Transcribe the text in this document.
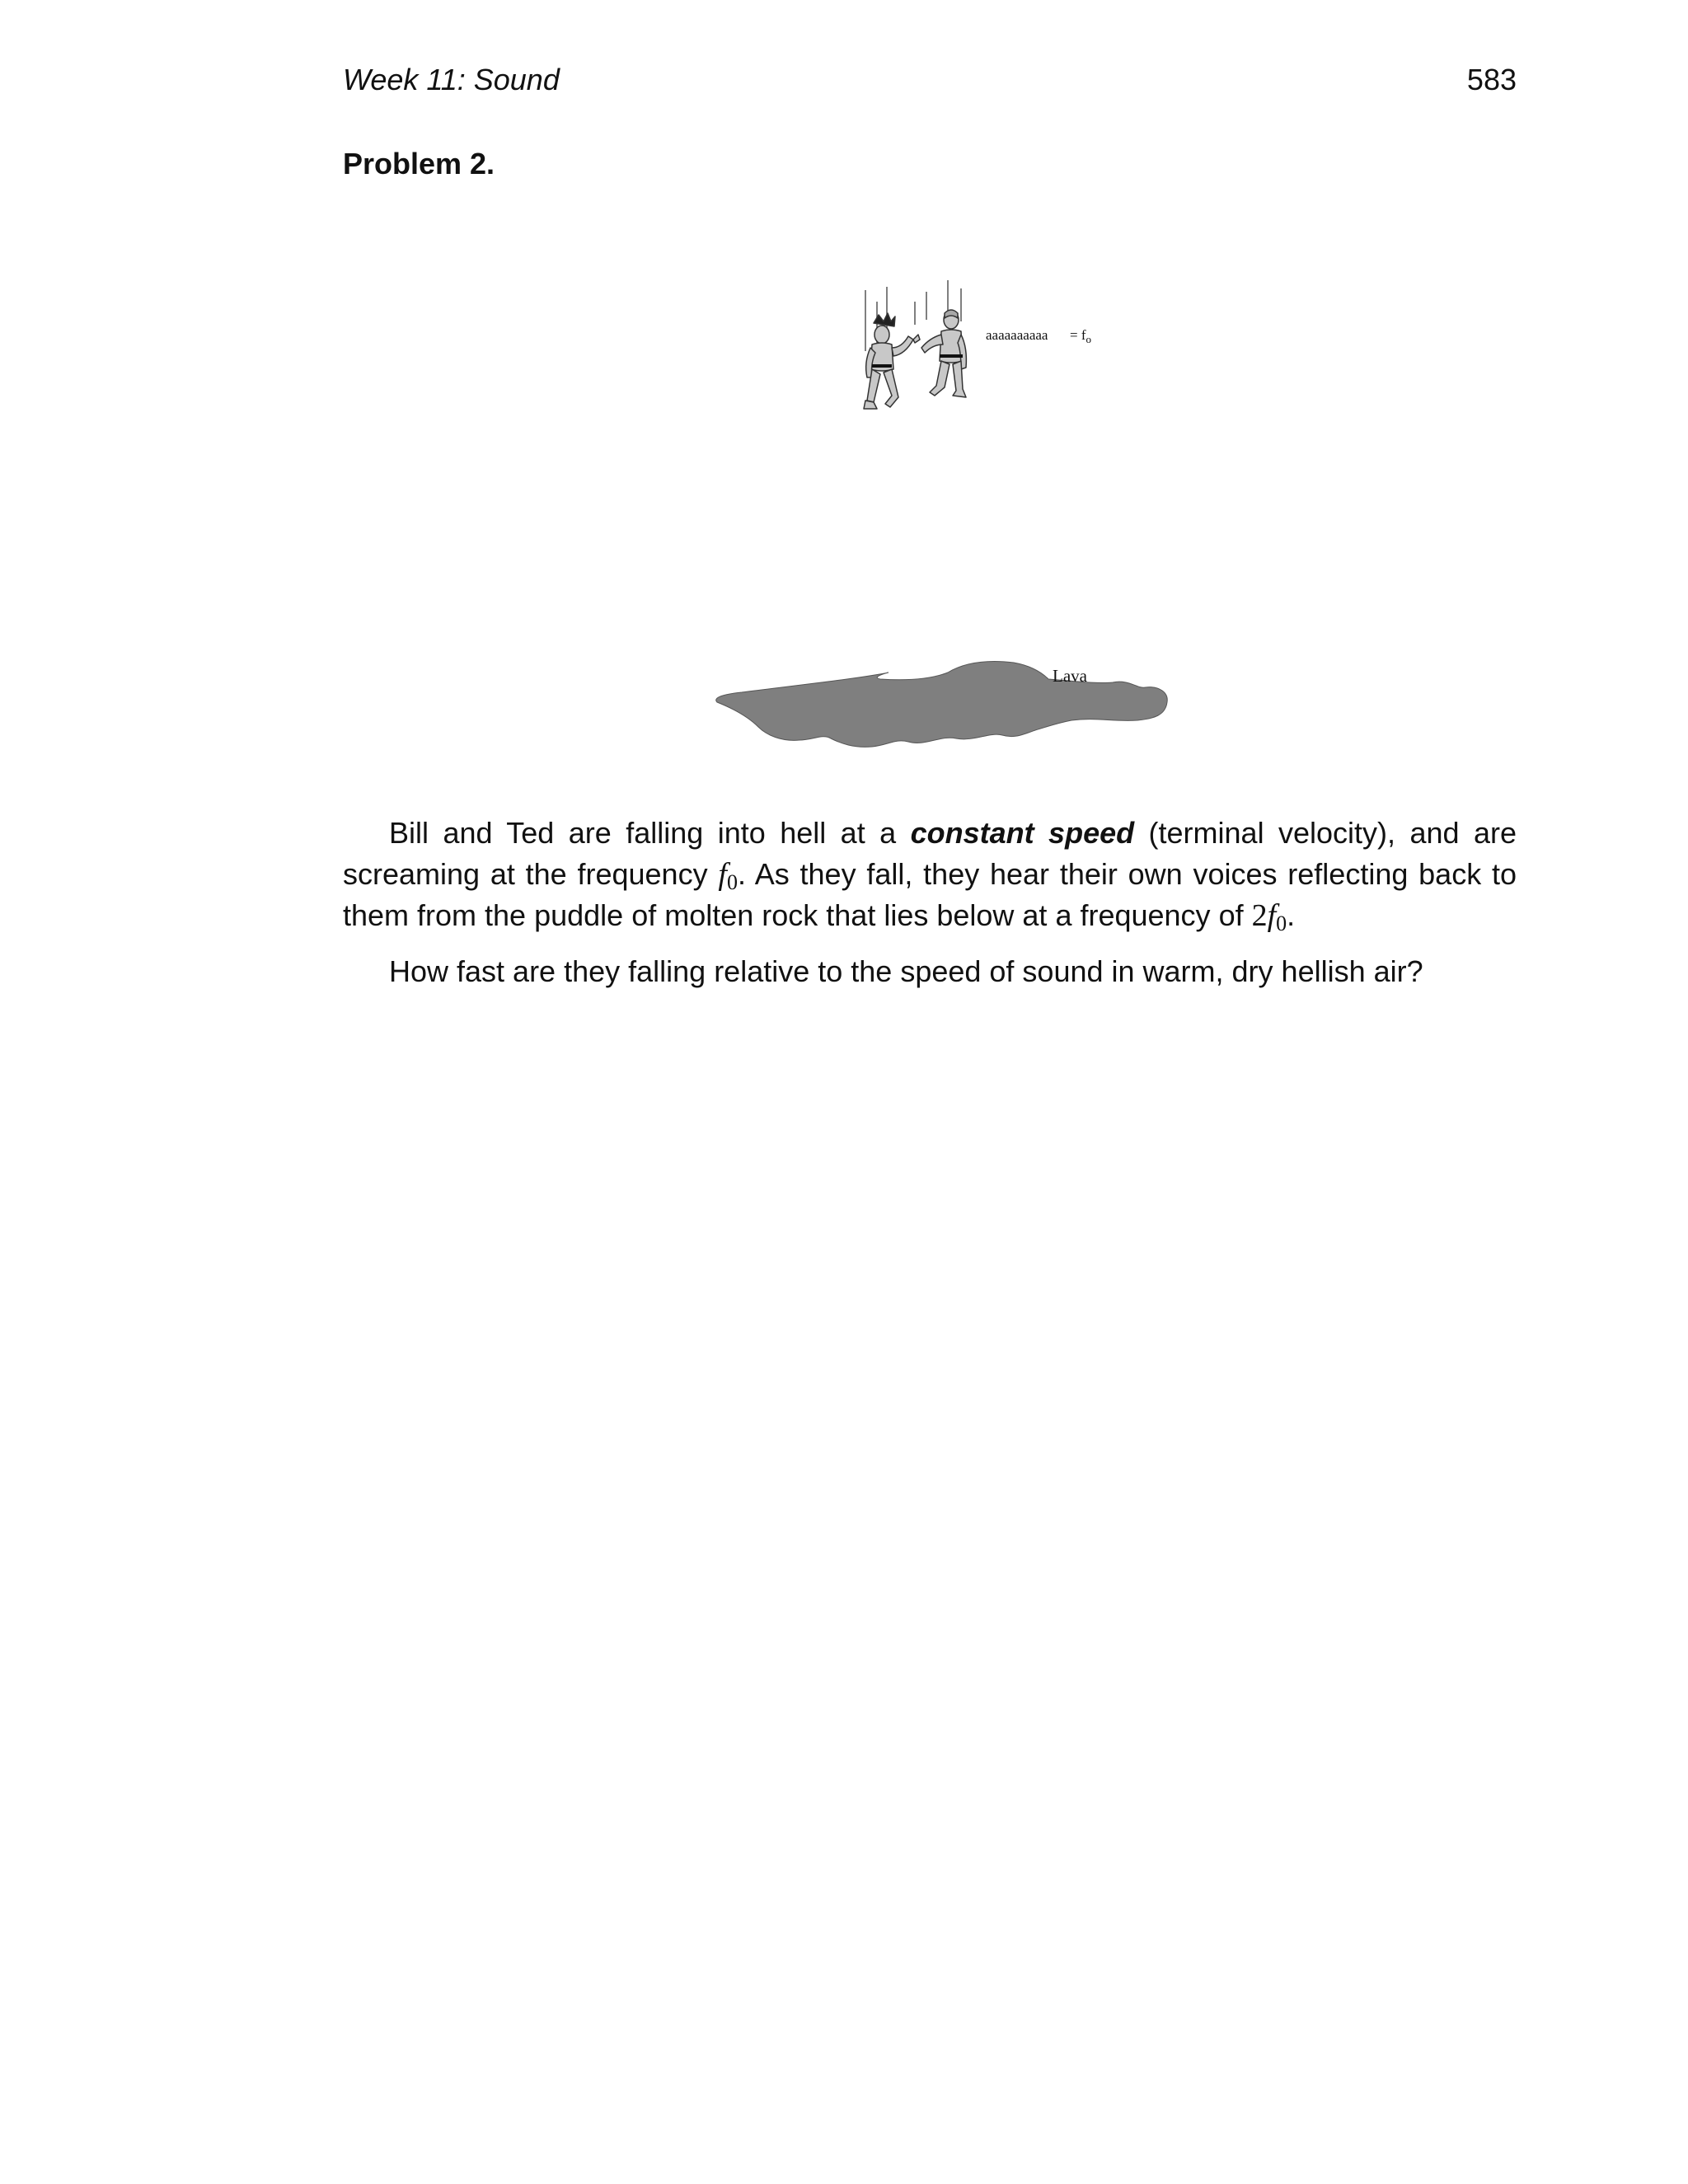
Week 11: Sound	583
Problem 2.
aaaaaaaaaa = $f_o$
Lava

Bill and Ted are falling into hell at a constant speed (terminal velocity), and are screaming at the frequency $f_0$. As they fall, they hear their own voices reflecting back to them from the puddle of molten rock that lies below at a frequency of $2f_0$.

How fast are they falling relative to the speed of sound in warm, dry hellish air?
